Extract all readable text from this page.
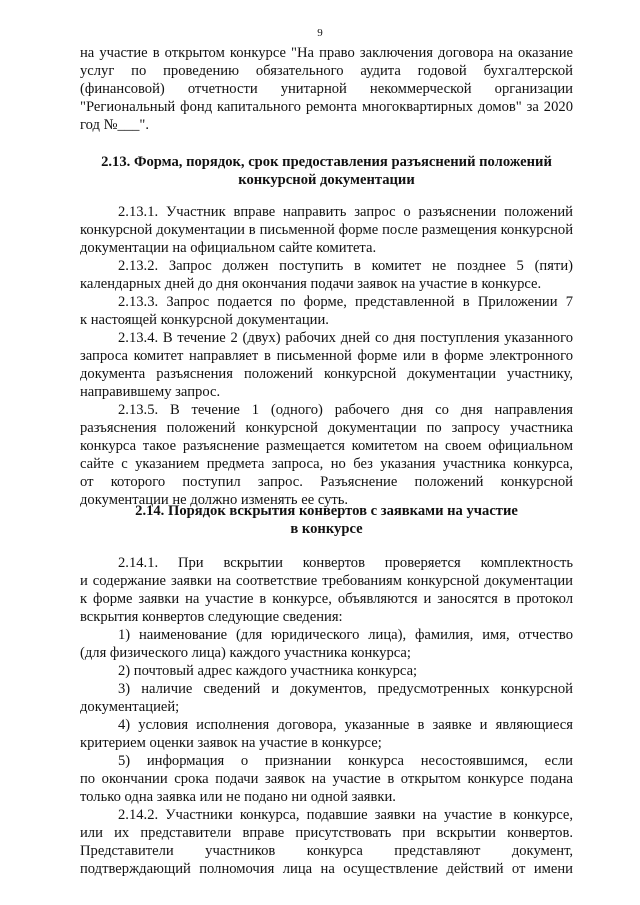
9
на участие в открытом конкурсе "На право заключения договора на оказание
услуг по проведению обязательного аудита годовой бухгалтерской
(финансовой) отчетности унитарной некоммерческой организации
"Региональный фонд капитального ремонта многоквартирных домов" за 2020
год №___".
2.13. Форма, порядок, срок предоставления разъяснений положений
конкурсной документации
2.13.1. Участник вправе направить запрос о разъяснении положений
конкурсной документации в письменной форме после размещения конкурсной
документации на официальном сайте комитета.
2.13.2. Запрос должен поступить в комитет не позднее 5 (пяти)
календарных дней до дня окончания подачи заявок на участие в конкурсе.
2.13.3. Запрос подается по форме, представленной в Приложении 7
к настоящей конкурсной документации.
2.13.4. В течение 2 (двух) рабочих дней со дня поступления указанного
запроса комитет направляет в письменной форме или в форме электронного
документа разъяснения положений конкурсной документации участнику,
направившему запрос.
2.13.5. В течение 1 (одного) рабочего дня со дня направления
разъяснения положений конкурсной документации по запросу участника
конкурса такое разъяснение размещается комитетом на своем официальном
сайте с указанием предмета запроса, но без указания участника конкурса,
от которого поступил запрос. Разъяснение положений конкурсной
документации не должно изменять ее суть.
2.14. Порядок вскрытия конвертов с заявками на участие
в конкурсе
2.14.1. При вскрытии конвертов проверяется комплектность
и содержание заявки на соответствие требованиям конкурсной документации
к форме заявки на участие в конкурсе, объявляются и заносятся в протокол
вскрытия конвертов следующие сведения:
1) наименование (для юридического лица), фамилия, имя, отчество
(для физического лица) каждого участника конкурса;
2) почтовый адрес каждого участника конкурса;
3) наличие сведений и документов, предусмотренных конкурсной
документацией;
4) условия исполнения договора, указанные в заявке и являющиеся
критерием оценки заявок на участие в конкурсе;
5) информация о признании конкурса несостоявшимся, если
по окончании срока подачи заявок на участие в открытом конкурсе подана
только одна заявка или не подано ни одной заявки.
2.14.2. Участники конкурса, подавшие заявки на участие в конкурсе,
или их представители вправе присутствовать при вскрытии конвертов.
Представители участников конкурса представляют документ,
подтверждающий полномочия лица на осуществление действий от имени
